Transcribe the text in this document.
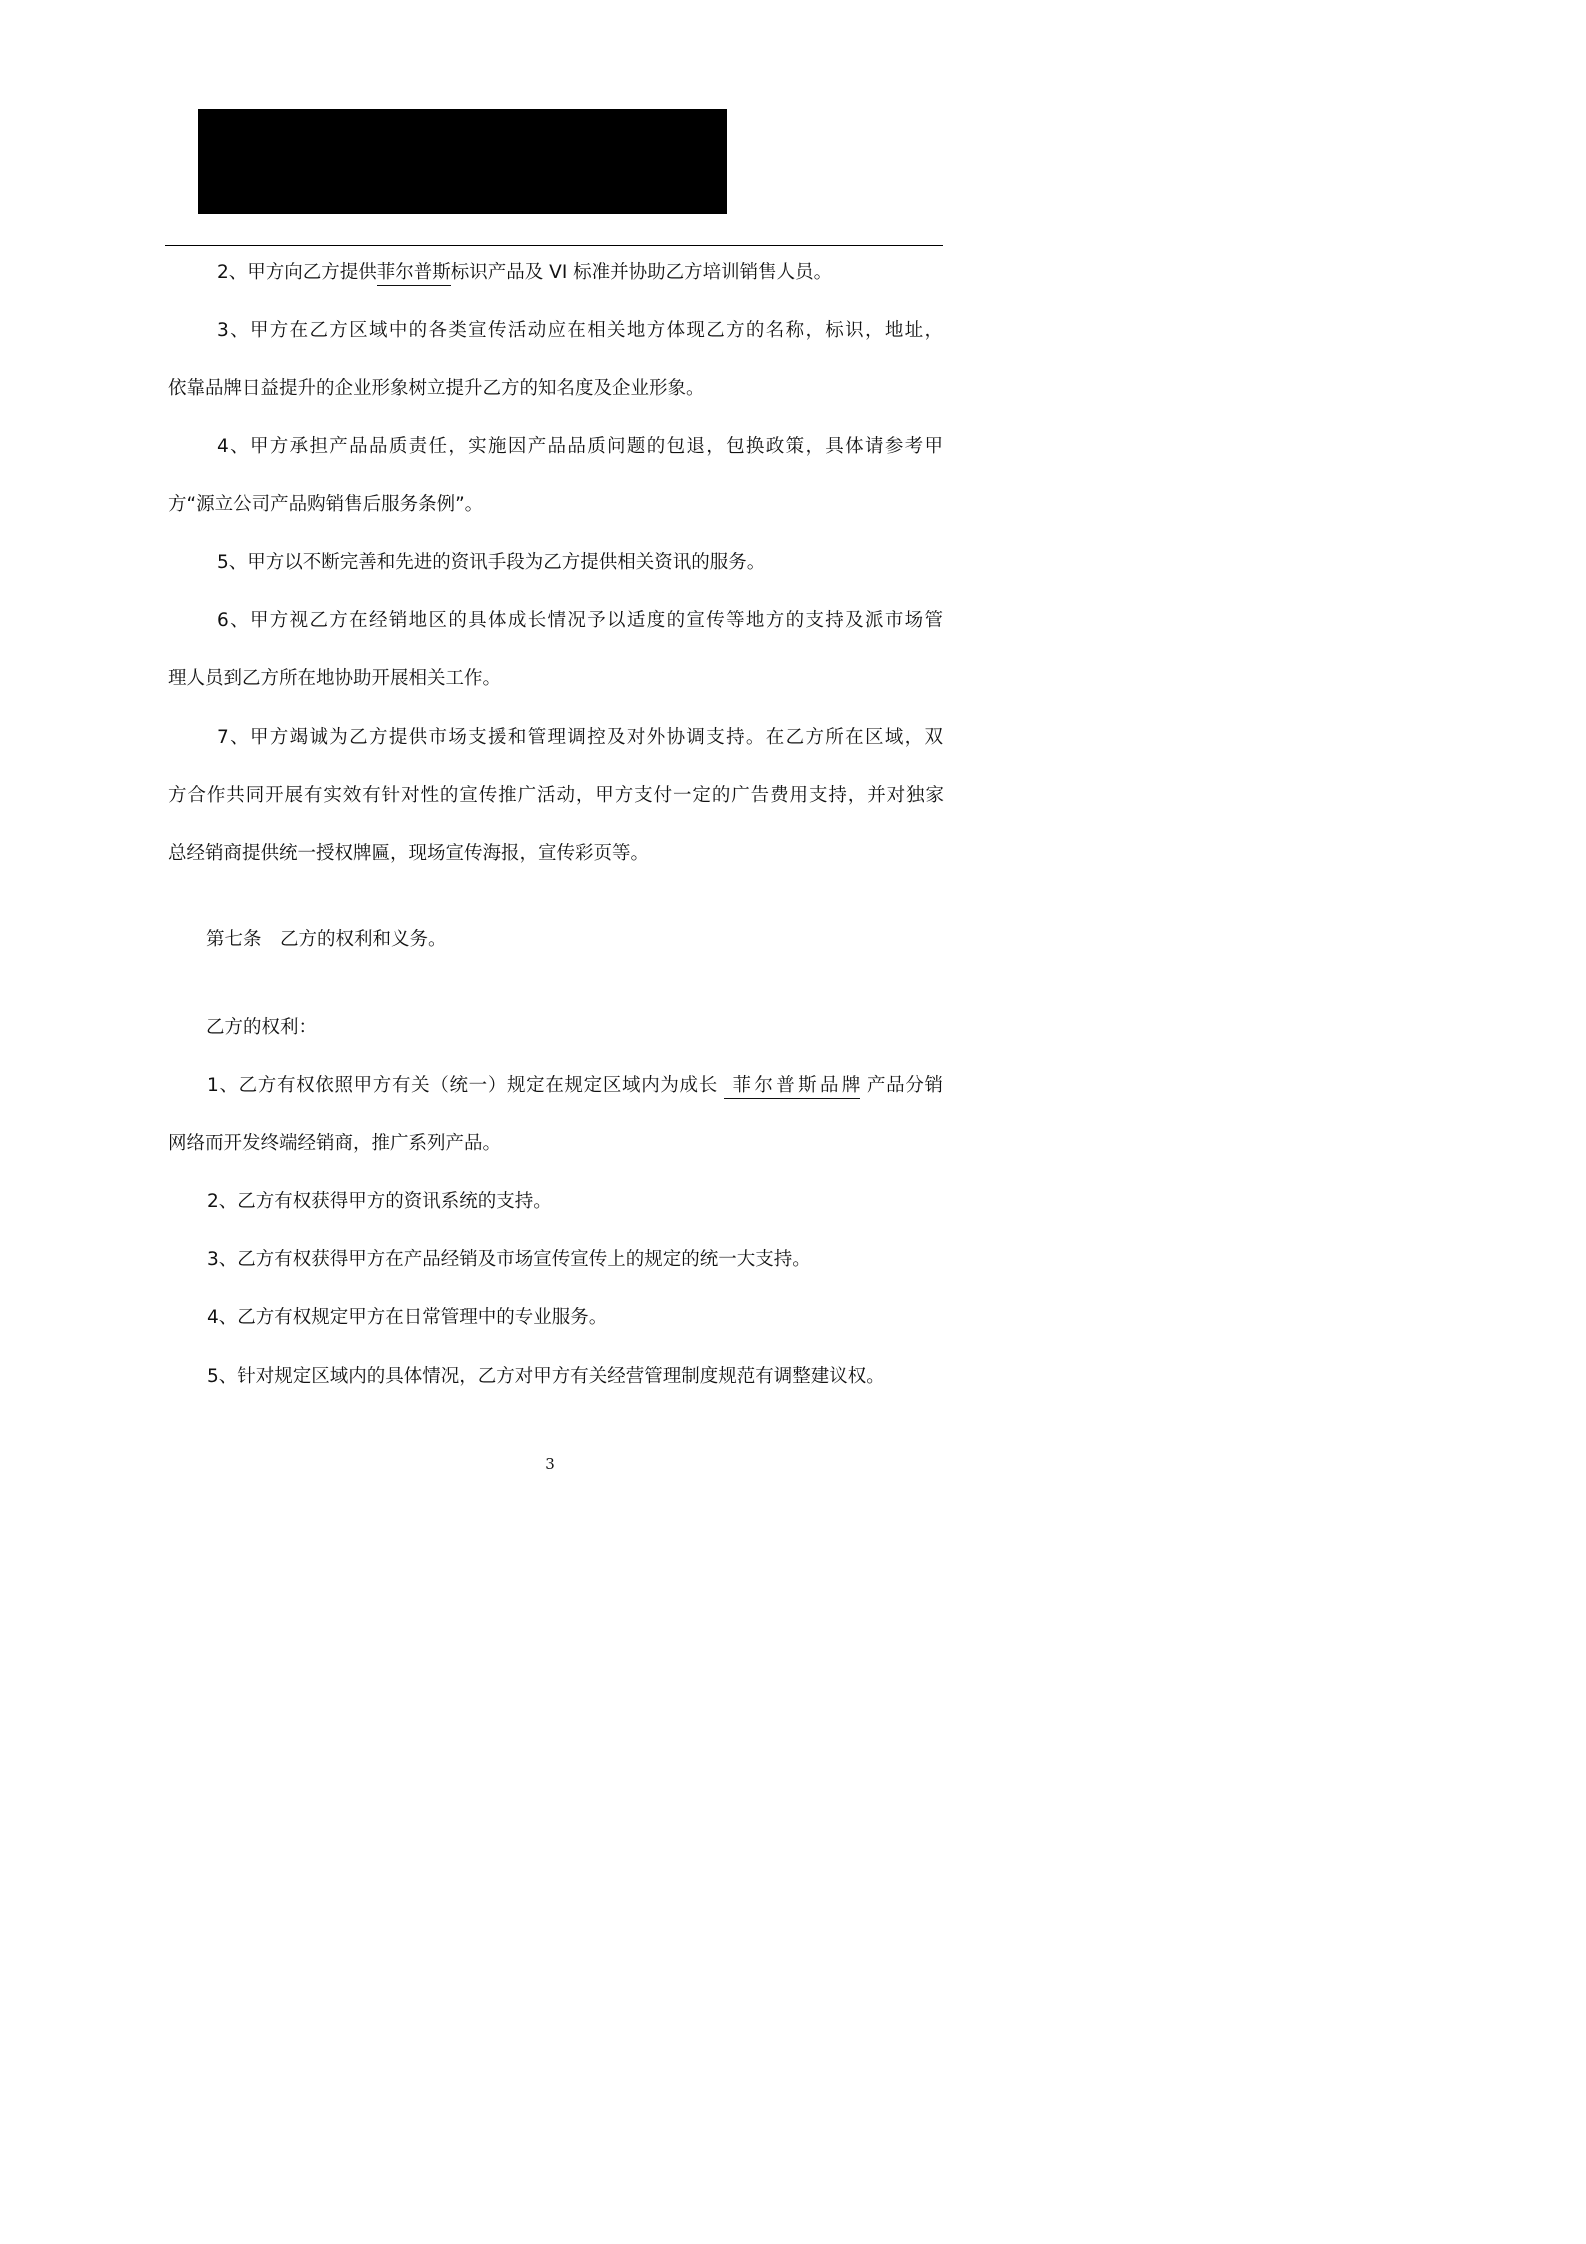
2、甲方向乙方提供菲尔普斯标识产品及 VI 标准并协助乙方培训销售人员。
3、甲方在乙方区域中的各类宣传活动应在相关地方体现乙方的名称，标识，地址，
依靠品牌日益提升的企业形象树立提升乙方的知名度及企业形象。
4、甲方承担产品品质责任，实施因产品品质问题的包退，包换政策，具体请参考甲
方“源立公司产品购销售后服务条例”。
5、甲方以不断完善和先进的资讯手段为乙方提供相关资讯的服务。
6、甲方视乙方在经销地区的具体成长情况予以适度的宣传等地方的支持及派市场管
理人员到乙方所在地协助开展相关工作。
7、甲方竭诚为乙方提供市场支援和管理调控及对外协调支持。在乙方所在区域，双
方合作共同开展有实效有针对性的宣传推广活动，甲方支付一定的广告费用支持，并对独家
总经销商提供统一授权牌匾，现场宣传海报，宣传彩页等。
第七条　乙方的权利和义务。
乙方的权利：
1、乙方有权依照甲方有关（统一）规定在规定区域内为成长 菲尔普斯品牌 产品分销
网络而开发终端经销商，推广系列产品。
2、乙方有权获得甲方的资讯系统的支持。
3、乙方有权获得甲方在产品经销及市场宣传宣传上的规定的统一大支持。
4、乙方有权规定甲方在日常管理中的专业服务。
5、针对规定区域内的具体情况，乙方对甲方有关经营管理制度规范有调整建议权。
3
